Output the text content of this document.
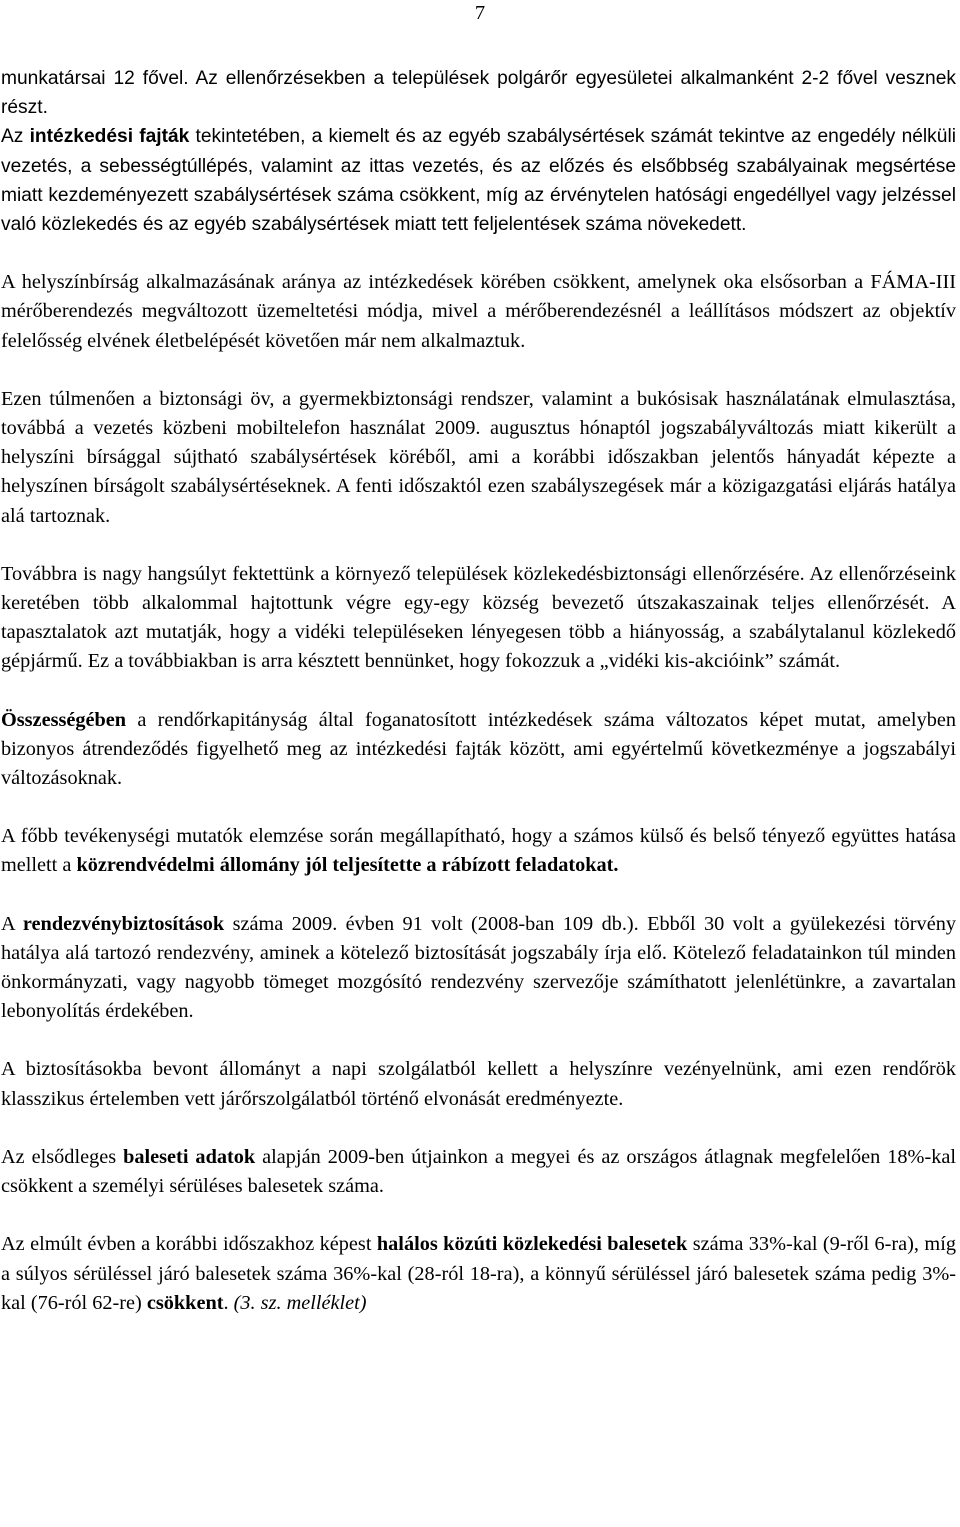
7

munkatársai 12 fővel. Az ellenőrzésekben a települések polgárőr egyesületei alkalmanként 2-2 fővel vesznek részt.

Az intézkedési fajták tekintetében, a kiemelt és az egyéb szabálysértések számát tekintve az engedély nélküli vezetés, a sebességtúllépés, valamint az ittas vezetés, és az előzés és elsőbbség szabályainak megsértése miatt kezdeményezett szabálysértések száma csökkent, míg az érvénytelen hatósági engedéllyel vagy jelzéssel való közlekedés és az egyéb szabálysértések miatt tett feljelentések száma növekedett.

A helyszínbírság alkalmazásának aránya az intézkedések körében csökkent, amelynek oka elsősorban a FÁMA-III mérőberendezés megváltozott üzemeltetési módja, mivel a mérőberendezésnél a leállításos módszert az objektív felelősség elvének életbelépését követően már nem alkalmaztuk.

Ezen túlmenően a biztonsági öv, a gyermekbiztonsági rendszer, valamint a bukósisak használatának elmulasztása, továbbá a vezetés közbeni mobiltelefon használat 2009. augusztus hónaptól jogszabályváltozás miatt kikerült a helyszíni bírsággal sújtható szabálysértések köréből, ami a korábbi időszakban jelentős hányadát képezte a helyszínen bírságolt szabálysértéseknek. A fenti időszaktól ezen szabályszegések már a közigazgatási eljárás hatálya alá tartoznak.

Továbbra is nagy hangsúlyt fektettünk a környező települések közlekedésbiztonsági ellenőrzésére. Az ellenőrzéseink keretében több alkalommal hajtottunk végre egy-egy község bevezető útszakaszainak teljes ellenőrzését. A tapasztalatok azt mutatják, hogy a vidéki településeken lényegesen több a hiányosság, a szabálytalanul közlekedő gépjármű. Ez a továbbiakban is arra késztett bennünket, hogy fokozzuk a „vidéki kis-akcióink” számát.

Összességében a rendőrkapitányság által foganatosított intézkedések száma változatos képet mutat, amelyben bizonyos átrendeződés figyelhető meg az intézkedési fajták között, ami egyértelmű következménye a jogszabályi változásoknak.

A főbb tevékenységi mutatók elemzése során megállapítható, hogy a számos külső és belső tényező együttes hatása mellett a közrendvédelmi állomány jól teljesítette a rábízott feladatokat.

A rendezvénybiztosítások száma 2009. évben 91 volt (2008-ban 109 db.). Ebből 30 volt a gyülekezési törvény hatálya alá tartozó rendezvény, aminek a kötelező biztosítását jogszabály írja elő. Kötelező feladatainkon túl minden önkormányzati, vagy nagyobb tömeget mozgósító rendezvény szervezője számíthatott jelenlétünkre, a zavartalan lebonyolítás érdekében.

A biztosításokba bevont állományt a napi szolgálatból kellett a helyszínre vezényelnünk, ami ezen rendőrök klasszikus értelemben vett járőrszolgálatból történő elvonását eredményezte.

Az elsődleges baleseti adatok alapján 2009-ben útjainkon a megyei és az országos átlagnak megfelelően 18%-kal csökkent a személyi sérüléses balesetek száma.

Az elmúlt évben a korábbi időszakhoz képest halálos közúti közlekedési balesetek száma 33%-kal (9-ről 6-ra), míg a súlyos sérüléssel járó balesetek száma 36%-kal (28-ról 18-ra), a könnyű sérüléssel járó balesetek száma pedig 3%-kal (76-ról 62-re) csökkent. (3. sz. melléklet)
